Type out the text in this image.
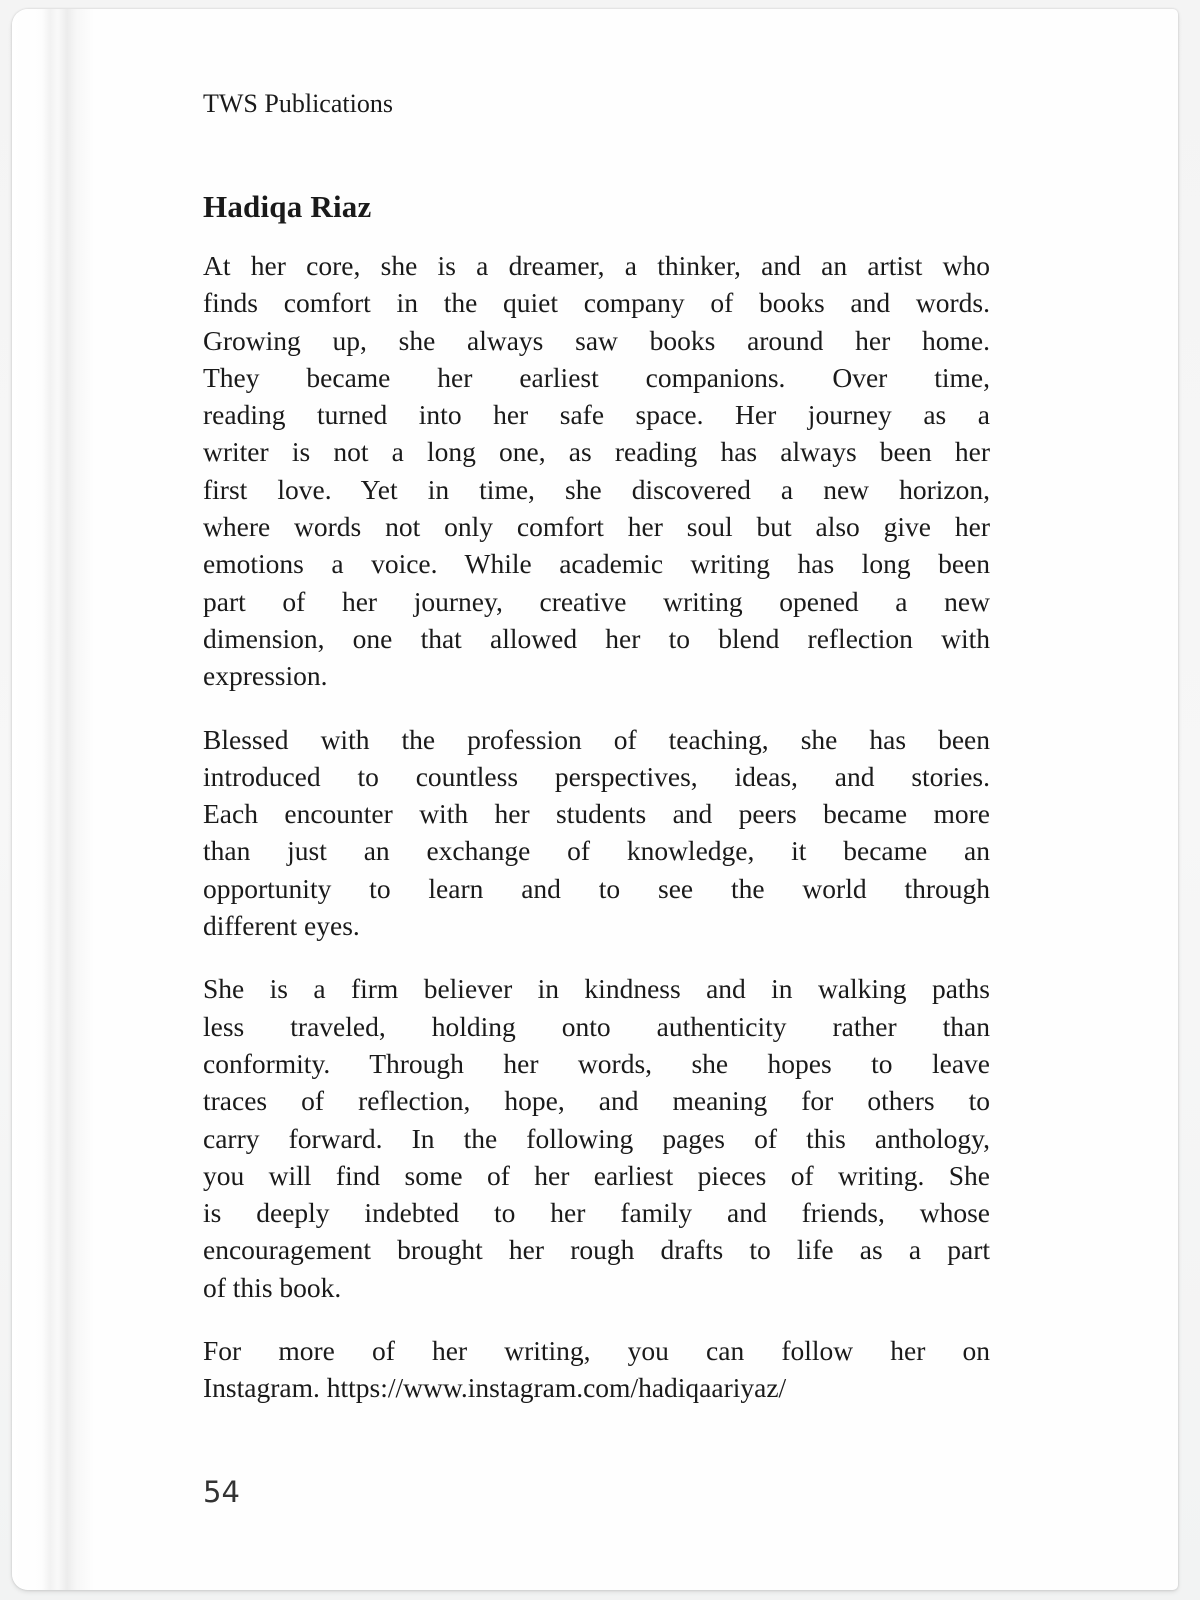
TWS Publications
Hadiqa Riaz
At her core, she is a dreamer, a thinker, and an artist who
finds comfort in the quiet company of books and words.
Growing up, she always saw books around her home.
They became her earliest companions. Over time,
reading turned into her safe space. Her journey as a
writer is not a long one, as reading has always been her
first love. Yet in time, she discovered a new horizon,
where words not only comfort her soul but also give her
emotions a voice. While academic writing has long been
part of her journey, creative writing opened a new
dimension, one that allowed her to blend reflection with
expression.
Blessed with the profession of teaching, she has been
introduced to countless perspectives, ideas, and stories.
Each encounter with her students and peers became more
than just an exchange of knowledge, it became an
opportunity to learn and to see the world through
different eyes.
She is a firm believer in kindness and in walking paths
less traveled, holding onto authenticity rather than
conformity. Through her words, she hopes to leave
traces of reflection, hope, and meaning for others to
carry forward. In the following pages of this anthology,
you will find some of her earliest pieces of writing. She
is deeply indebted to her family and friends, whose
encouragement brought her rough drafts to life as a part
of this book.
For more of her writing, you can follow her on
Instagram. https://www.instagram.com/hadiqaariyaz/
54
